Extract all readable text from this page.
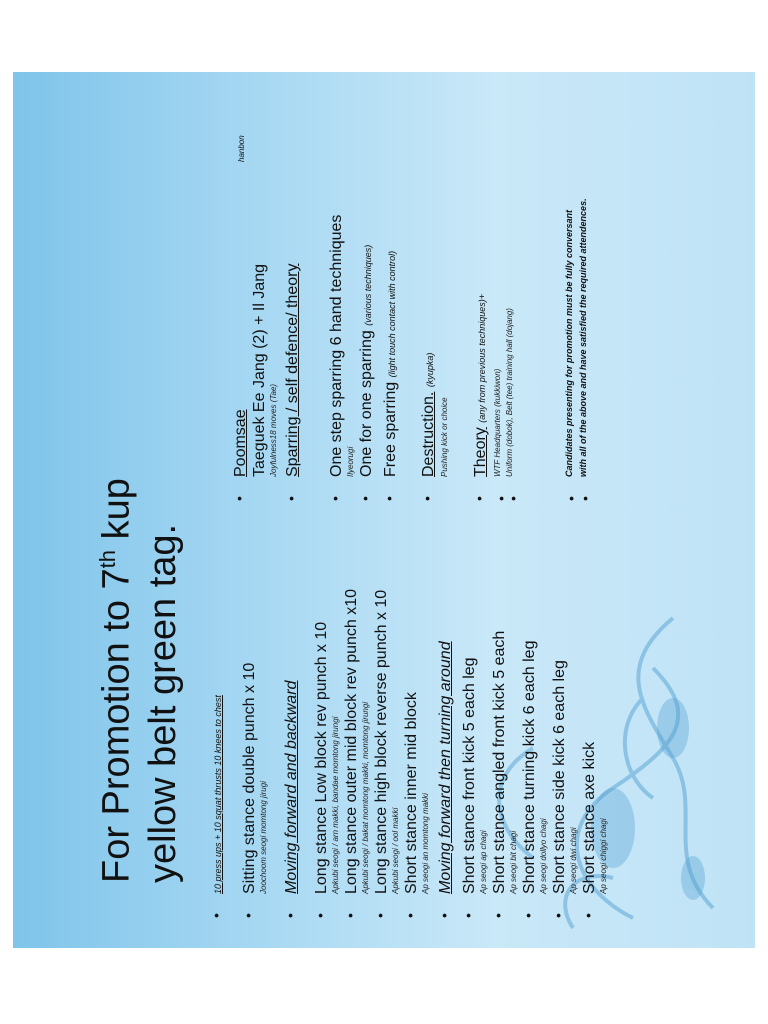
For Promotion to 7th kup
yellow belt green tag.
•
10 press ups + 10 squat thrusts 10 knees to chest
•
Sitting stance double punch x 10 Joochoom seogi momtong jirugi
•
Moving forward and backward
•
Long stance Low block rev punch x 10 Apkubi seogi / arn makki, bandae momtong jirungi
•
Long stance outer mid block rev punch x10 Apkubi seogi / bakat momtong makki, momtong jirungi
•
Long stance high block reverse punch x 10 Apkubi seogi / ool makki
•
Short stance inner mid block Ap seogi an momtong makki
•
Moving forward then turning around
•
Short stance front kick 5 each leg Ap seogi ap chagi
•
Short stance angled front kick 5 each Ap seogi bit chagi
•
Short stance turning kick 6 each leg Ap seogi dollyo chagi
•
Short stance side kick 6 each leg Ap seogi dwi chagi
•
Short stance axe kick Ap seogi chiggi chagi
•
Poomsae Taeguek Ee Jang (2) + Il Jang Joyfulness18 moves (Tae)
•
Sparring / self defence/ theory
•
One step sparring 6 hand techniques Ilyeorugi
•
One for one sparring (various techniques)
•
Free sparring (light touch contact with control)
•
Destruction. (kyupka)
Pushing kick or choice
•
Theory (any from previous techniques)+
•
WTF Headquarters (kukkiwon)
•
Uniform (dobok), Belt (tee) training hall (dojang)
•
Candidates presenting for promotion must be fully conversant
•
with all of the above and have satisfied the required attendences.
hanbon
